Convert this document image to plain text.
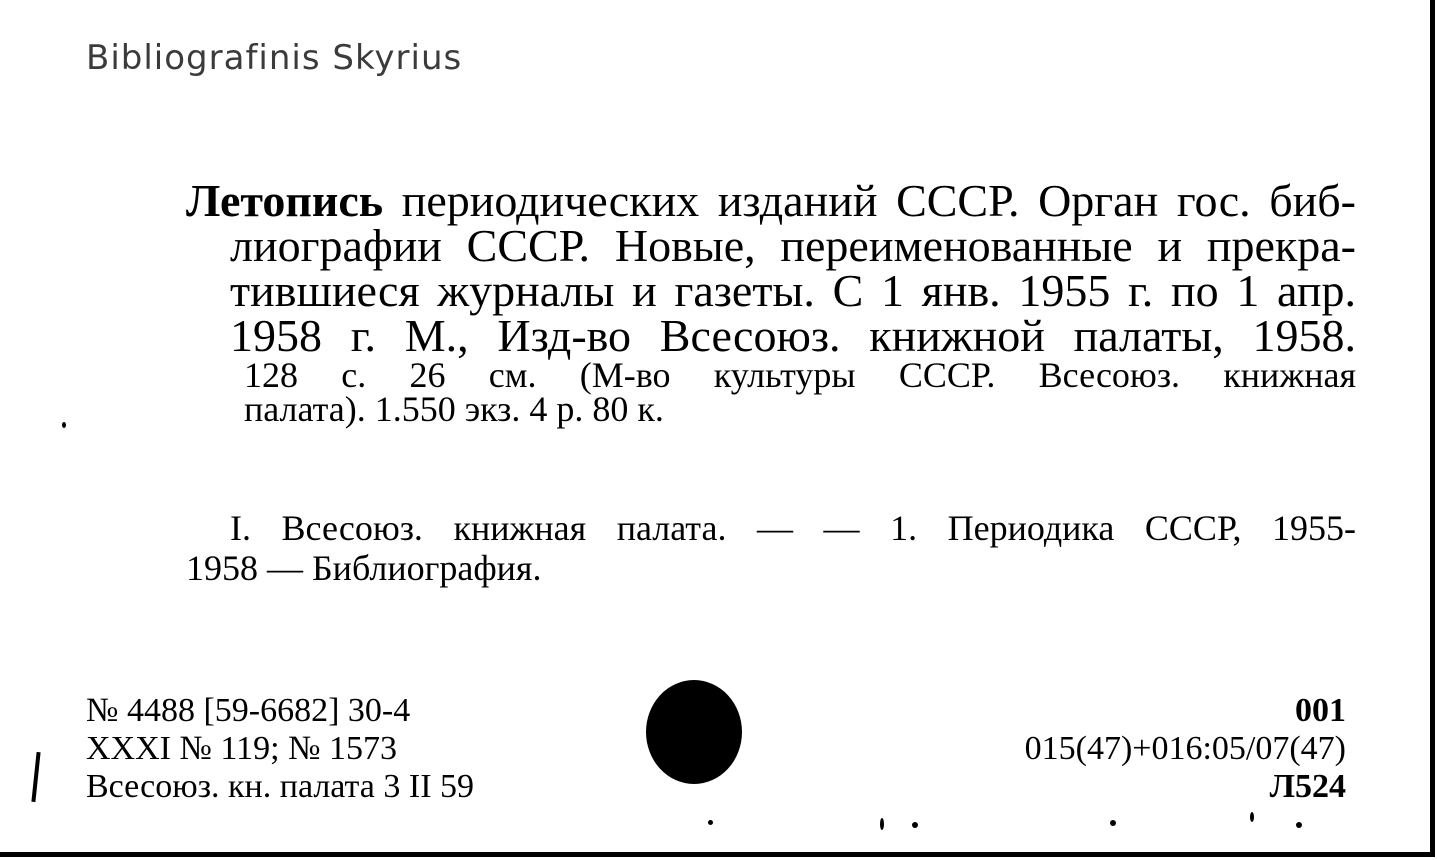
Bibliografinis Skyrius
Летопись периодических изданий СССР. Орган гос. биб-
лиографии СССР. Новые, переименованные и прекра-
тившиеся журналы и газеты. С 1 янв. 1955 г. по 1 апр.
1958 г. М., Изд-во Всесоюз. книжной палаты, 1958.
128 с. 26 см. (М-во культуры СССР. Всесоюз. книжная
палата). 1.550 экз. 4 р. 80 к.
I. Всесоюз. книжная палата. — — 1. Периодика СССР, 1955-
1958 — Библиография.
№ 4488 [59-6682] 30-4
XXXI № 119; № 1573
Всесоюз. кн. палата 3 II 59
001
015(47)+016:05/07(47)
Л524
